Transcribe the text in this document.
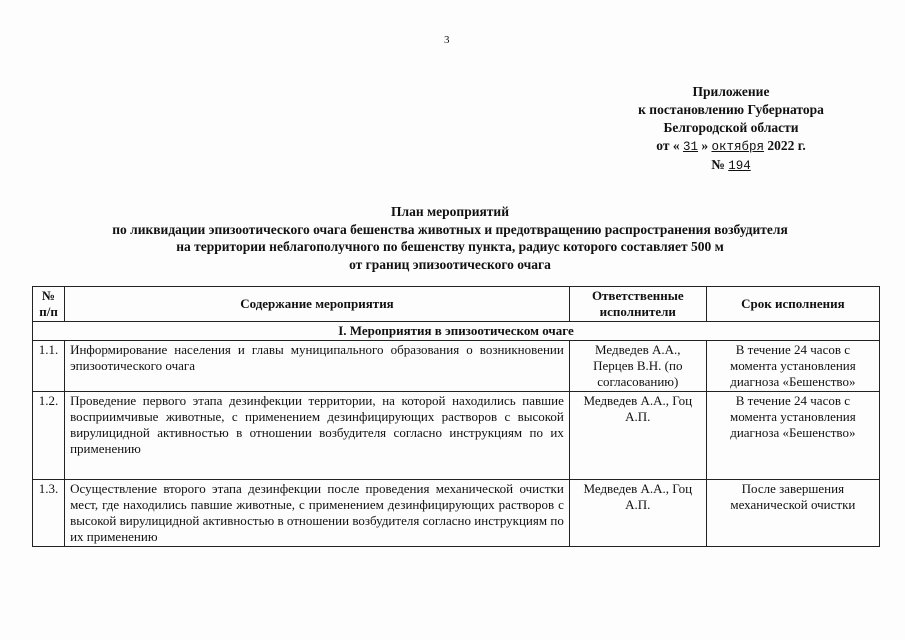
3
Приложение
к постановлению Губернатора
Белгородской области
от « 31 » октября 2022 г.
№ 194
План мероприятий
по ликвидации эпизоотического очага бешенства животных и предотвращению распространения возбудителя
на территории неблагополучного по бешенству пункта, радиус которого составляет 500 м
от границ эпизоотического очага
№ п/п	Содержание мероприятия	Ответственные исполнители	Срок исполнения
I. Мероприятия в эпизоотическом очаге			
1.1.	Информирование населения и главы муниципального образования о возникновении эпизоотического очага	Медведев А.А., Перцев В.Н. (по согласованию)	В течение 24 часов с момента установления диагноза «Бешенство»
1.2.	Проведение первого этапа дезинфекции территории, на которой находились павшие восприимчивые животные, с применением дезинфицирующих растворов с высокой вирулицидной активностью в отношении возбудителя согласно инструкциям по их применению	Медведев А.А., Гоц А.П.	В течение 24 часов с момента установления диагноза «Бешенство»
1.3.	Осуществление второго этапа дезинфекции после проведения механической очистки мест, где находились павшие животные, с применением дезинфицирующих растворов с высокой вирулицидной активностью в отношении возбудителя согласно инструкциям по их применению	Медведев А.А., Гоц А.П.	После завершения механической очистки
